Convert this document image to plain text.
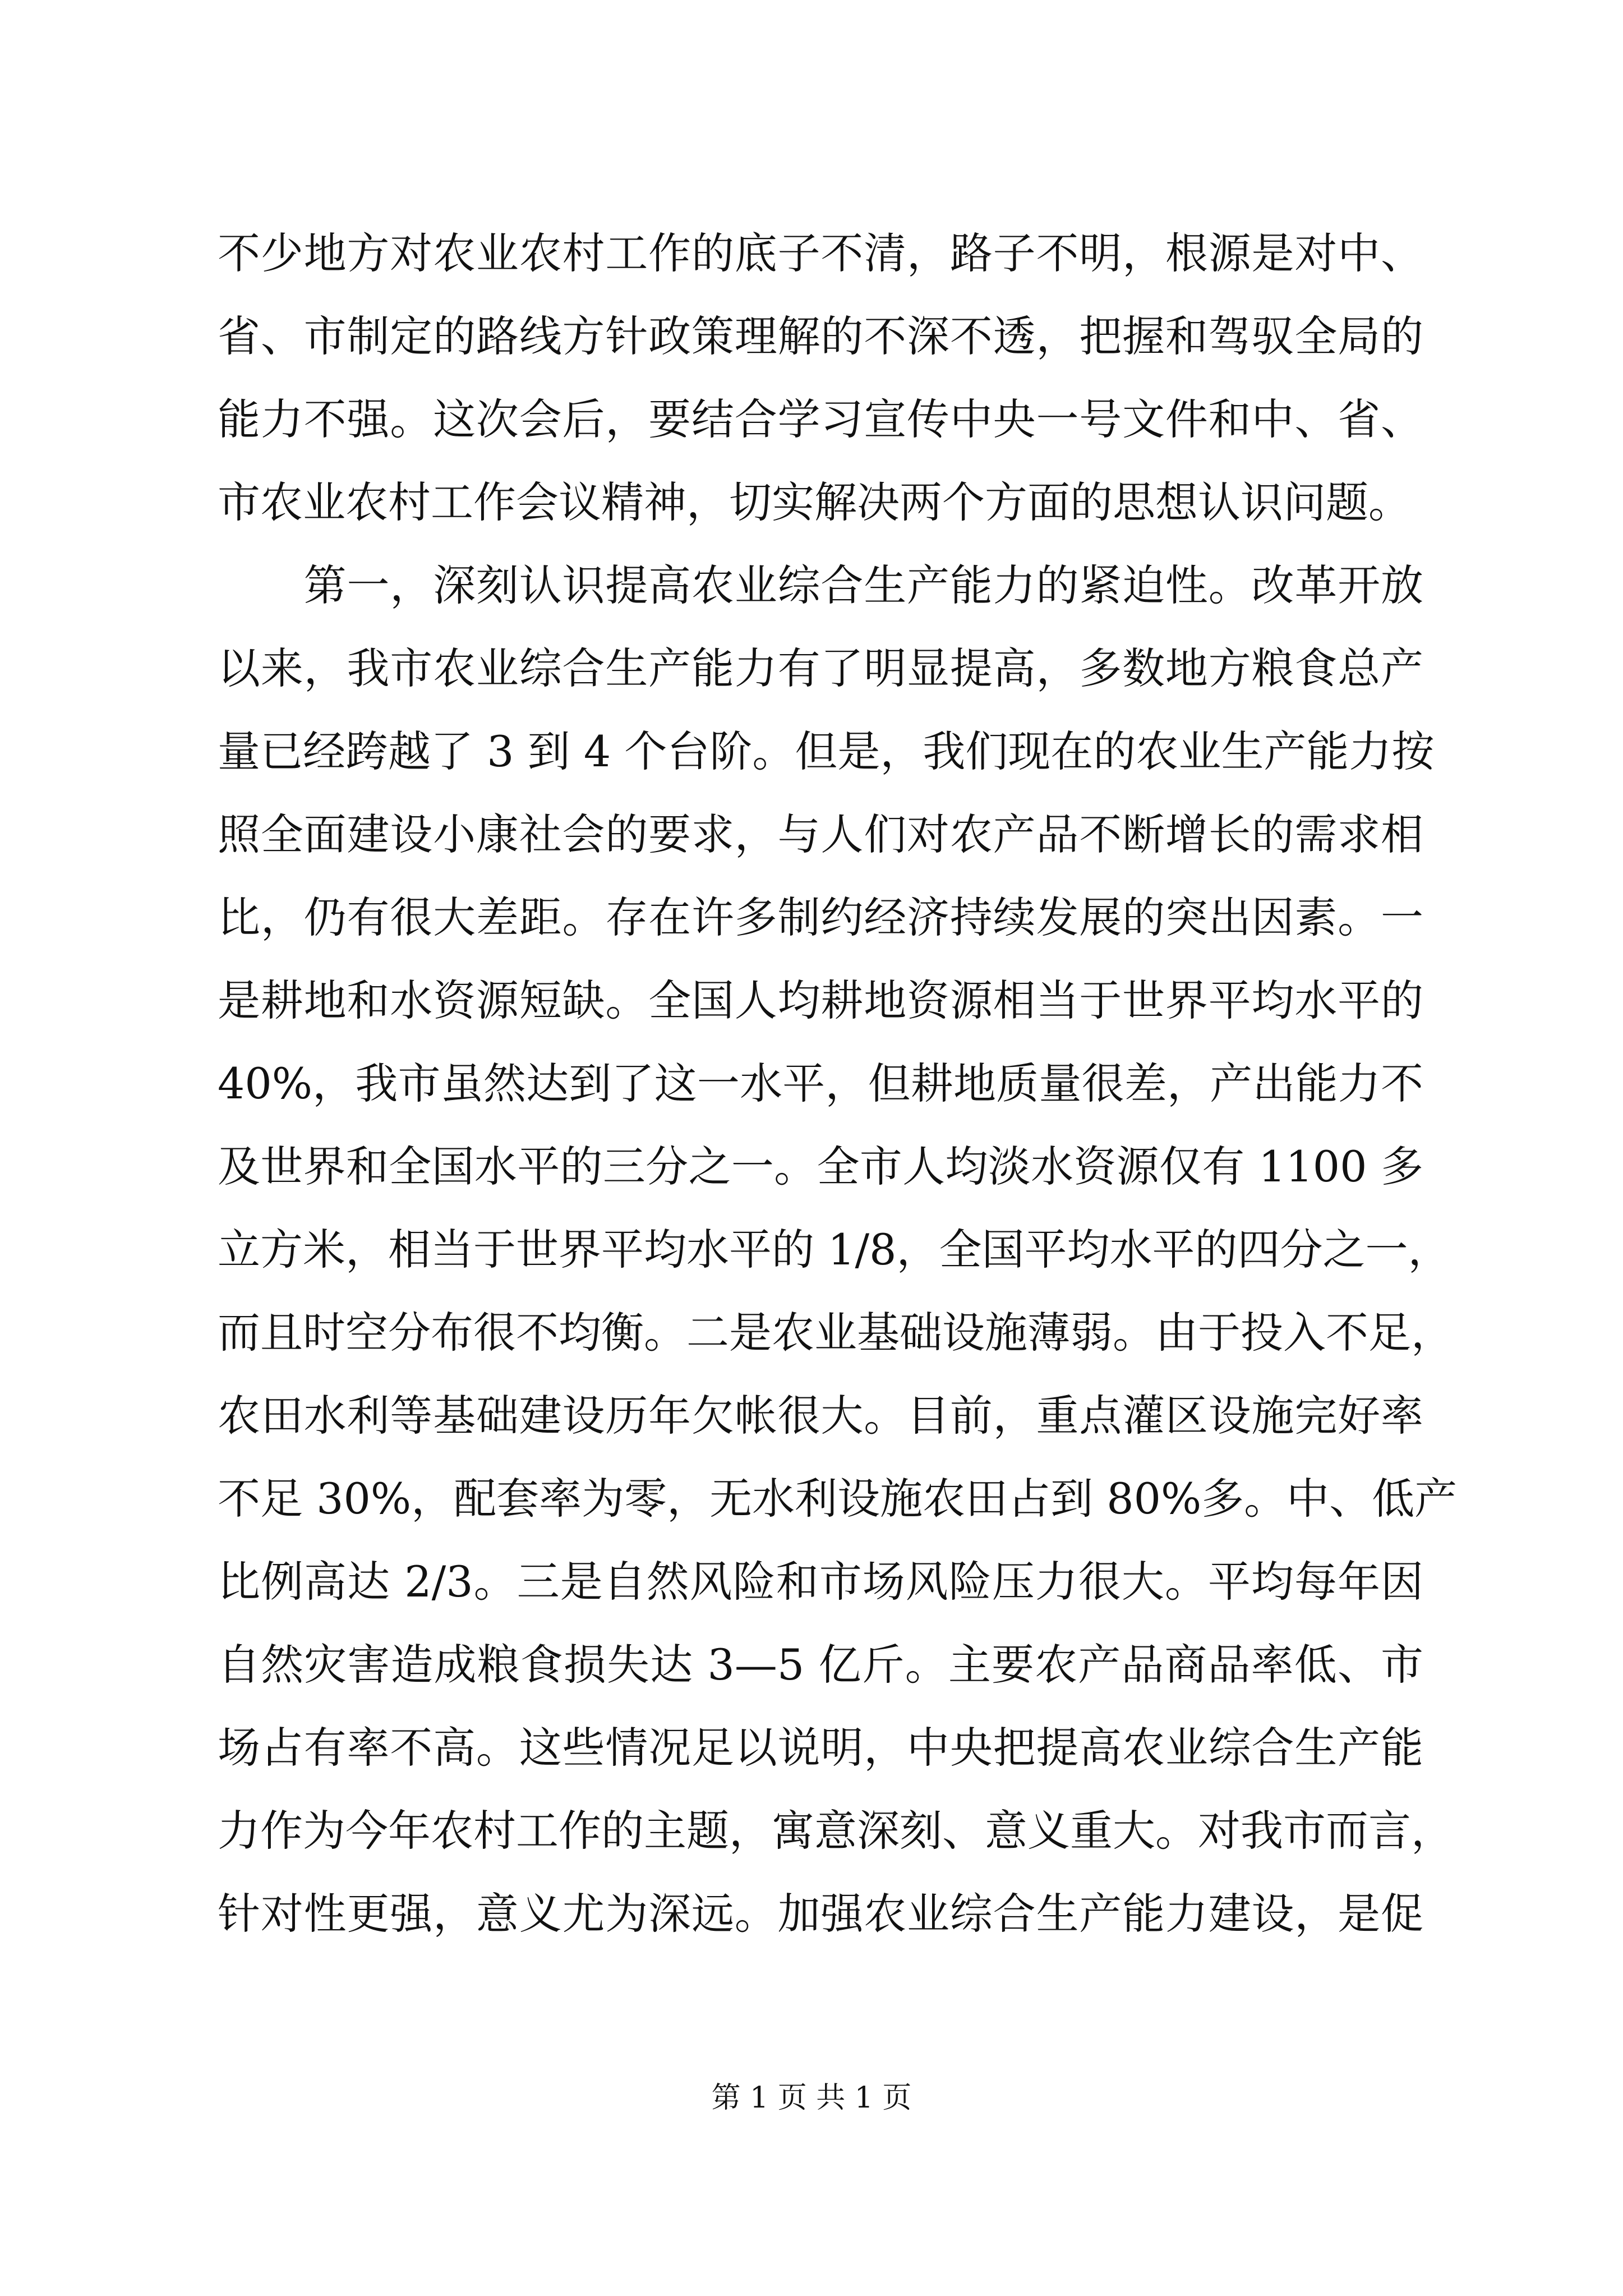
不少地方对农业农村工作的底子不清，路子不明，根源是对中、
省、市制定的路线方针政策理解的不深不透，把握和驾驭全局的
能力不强。这次会后，要结合学习宣传中央一号文件和中、省、
市农业农村工作会议精神，切实解决两个方面的思想认识问题。
　　第一，深刻认识提高农业综合生产能力的紧迫性。改革开放
以来，我市农业综合生产能力有了明显提高，多数地方粮食总产
量已经跨越了 3 到 4 个台阶。但是，我们现在的农业生产能力按
照全面建设小康社会的要求，与人们对农产品不断增长的需求相
比，仍有很大差距。存在许多制约经济持续发展的突出因素。一
是耕地和水资源短缺。全国人均耕地资源相当于世界平均水平的
40%，我市虽然达到了这一水平，但耕地质量很差，产出能力不
及世界和全国水平的三分之一。全市人均淡水资源仅有 1100 多
立方米，相当于世界平均水平的 1/8，全国平均水平的四分之一，
而且时空分布很不均衡。二是农业基础设施薄弱。由于投入不足，
农田水利等基础建设历年欠帐很大。目前，重点灌区设施完好率
不足 30%，配套率为零，无水利设施农田占到 80%多。中、低产
比例高达 2/3。三是自然风险和市场风险压力很大。平均每年因
自然灾害造成粮食损失达 3—5 亿斤。主要农产品商品率低、市
场占有率不高。这些情况足以说明，中央把提高农业综合生产能
力作为今年农村工作的主题，寓意深刻、意义重大。对我市而言，
针对性更强，意义尤为深远。加强农业综合生产能力建设，是促
第 1 页 共 1 页
